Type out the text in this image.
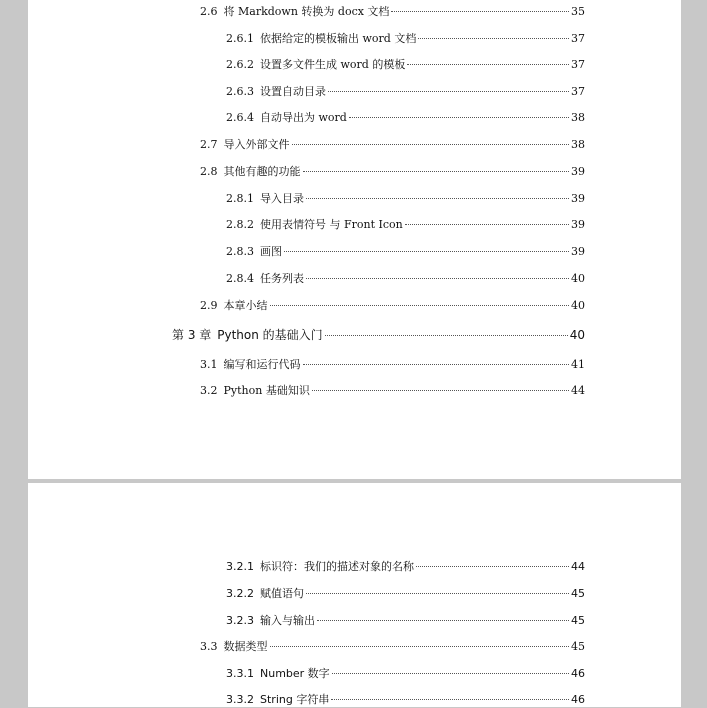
2.6 将 Markdown 转换为 docx 文档	35
2.6.1 依据给定的模板输出 word 文档	37
2.6.2 设置多文件生成 word 的模板	37
2.6.3 设置自动目录	37
2.6.4 自动导出为 word	38
2.7 导入外部文件	38
2.8 其他有趣的功能	39
2.8.1 导入目录	39
2.8.2 使用表情符号 与 Front Icon	39
2.8.3 画图	39
2.8.4 任务列表	40
2.9 本章小结	40
第 3 章 Python 的基础入门	40
3.1 编写和运行代码	41
3.2 Python 基础知识	44
3.2.1 标识符：我们的描述对象的名称	44
3.2.2 赋值语句	45
3.2.3 输入与输出	45
3.3 数据类型	45
3.3.1 Number 数字	46
3.3.2 String 字符串	46
